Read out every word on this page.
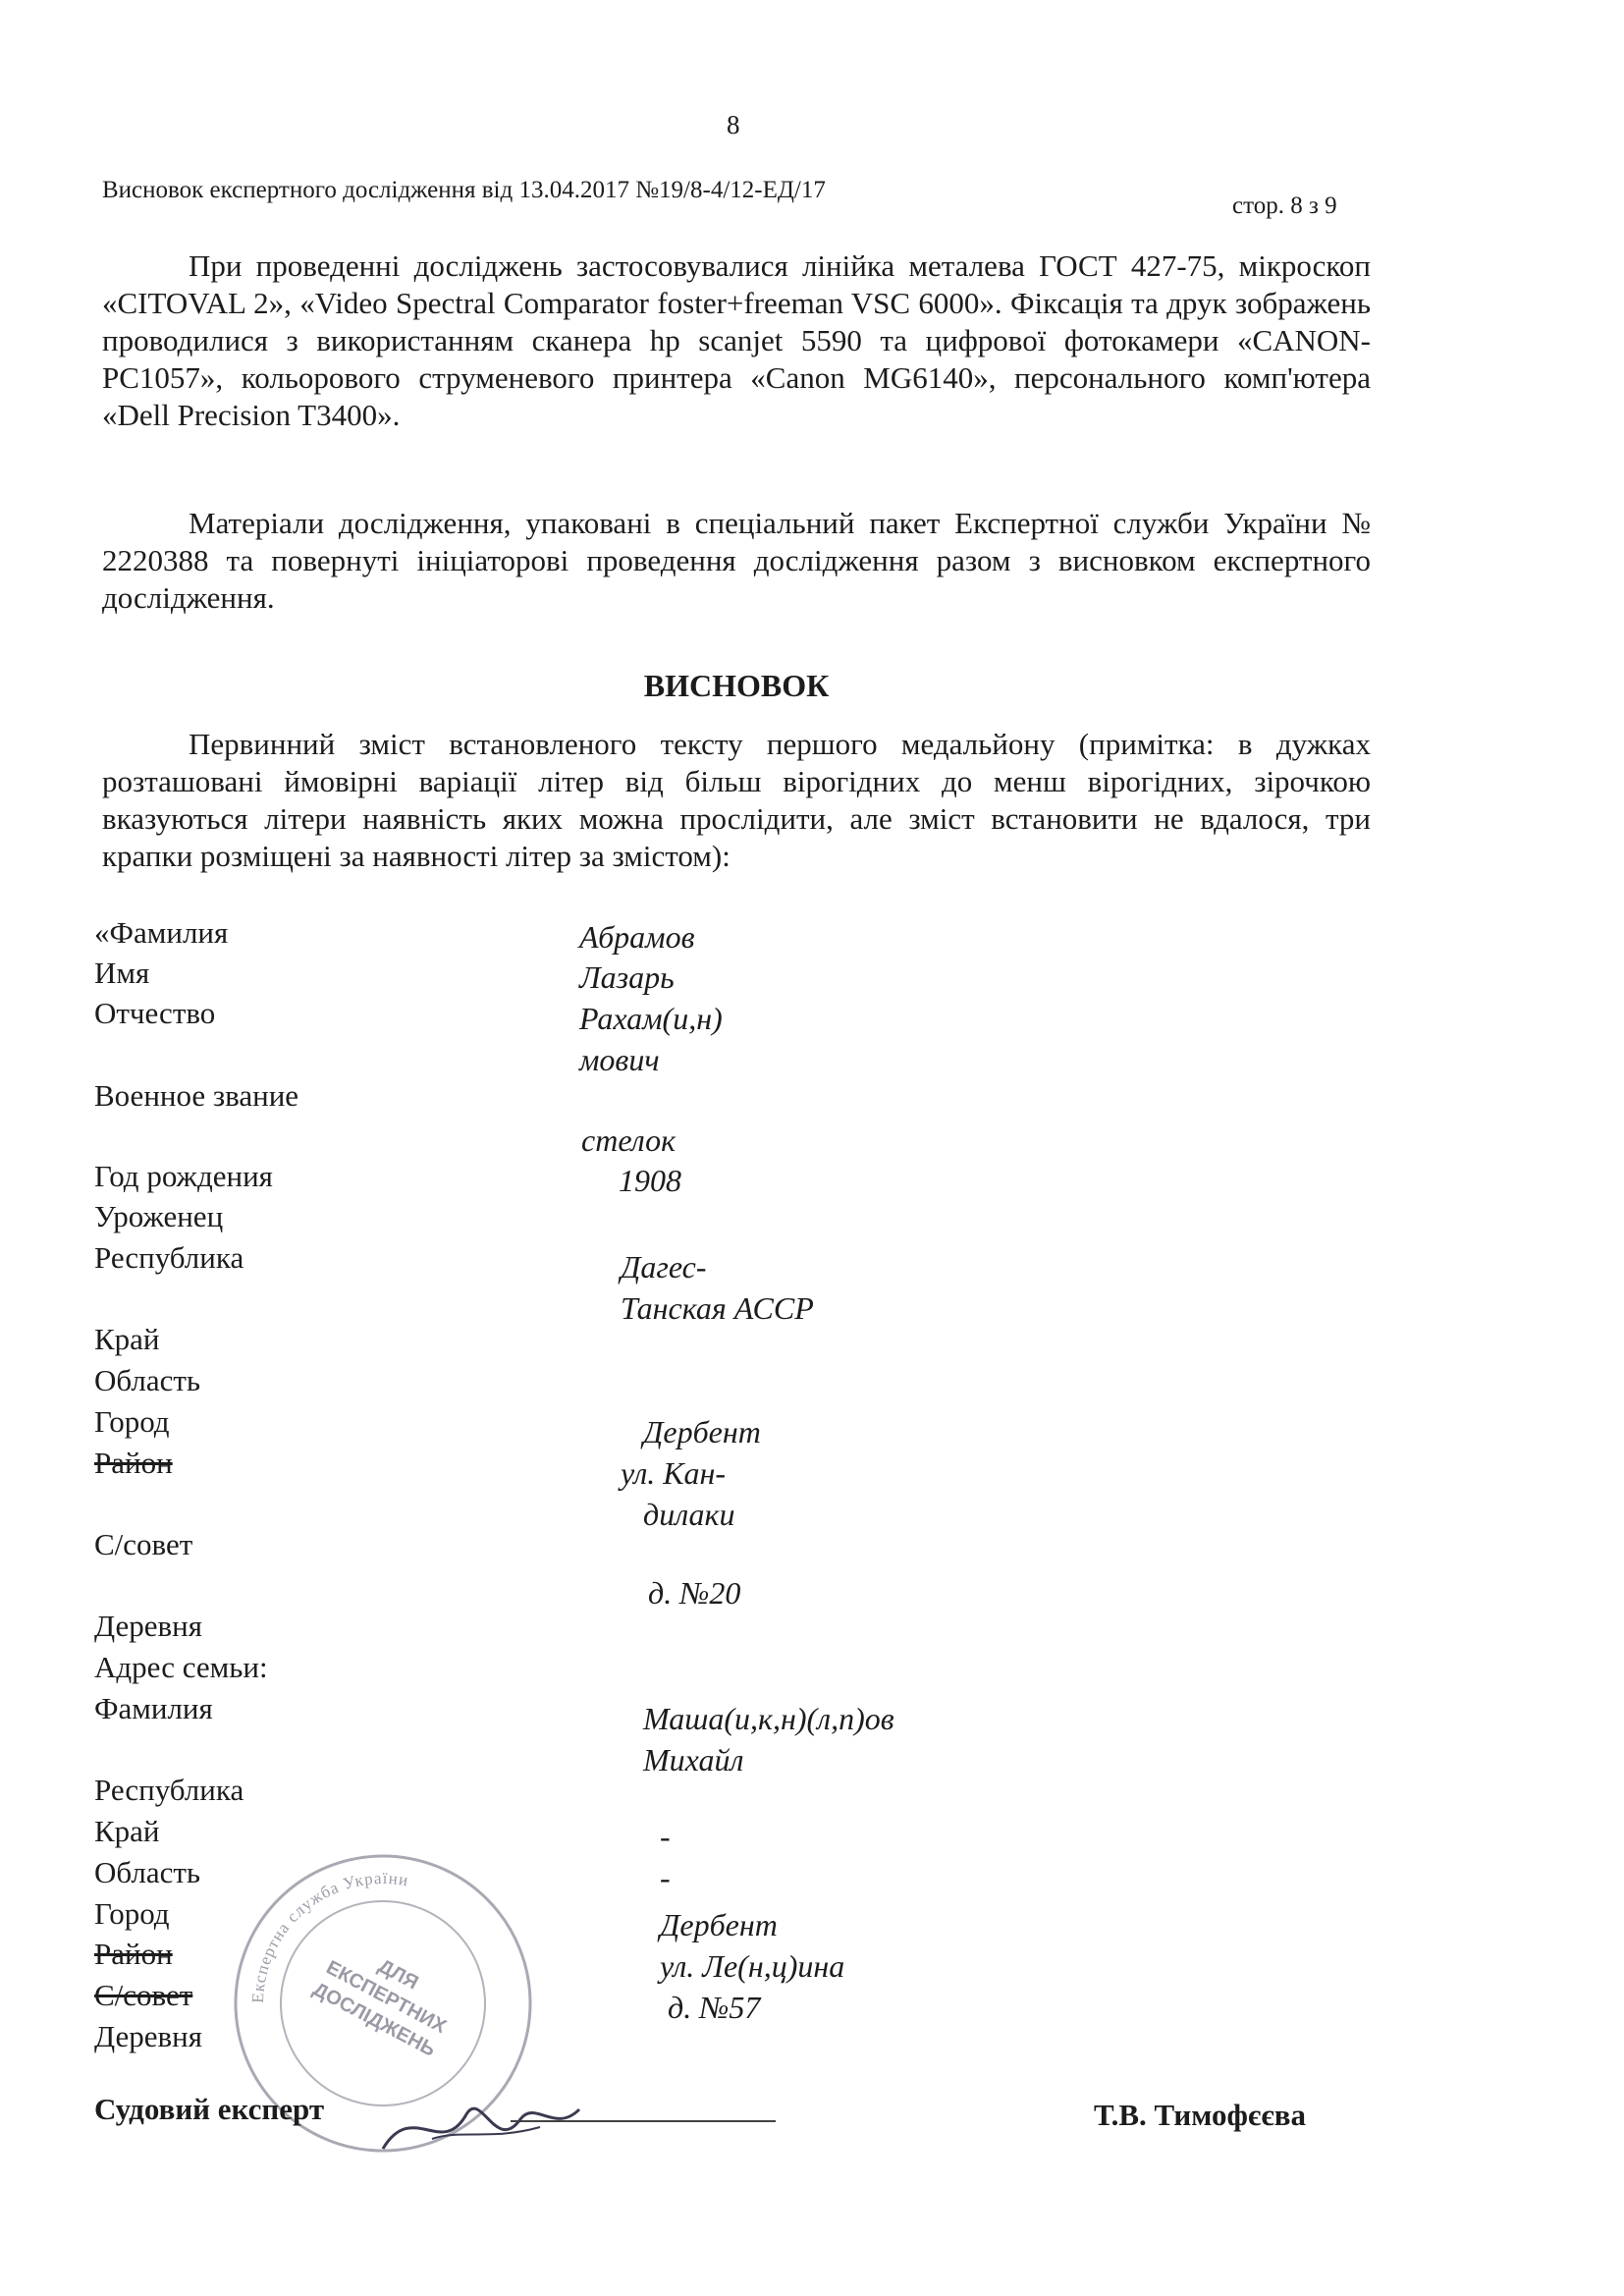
8
Висновок експертного дослідження від 13.04.2017 №19/8-4/12-ЕД/17
стор. 8 з 9

При проведенні досліджень застосовувалися лінійка металева ГОСТ 427-75, мікроскоп «CITOVAL 2», «Video Spectral Comparator foster+freeman VSC 6000». Фіксація та друк зображень проводилися з використанням сканера hp scanjet 5590 та цифрової фотокамери «CANON-PC1057», кольорового струменевого принтера «Canon MG6140», персонального комп'ютера «Dell Precision T3400».

Матеріали дослідження, упаковані в спеціальний пакет Експертної служби України № 2220388 та повернуті ініціаторові проведення дослідження разом з висновком експертного дослідження.

ВИСНОВОК

Первинний зміст встановленого тексту першого медальйону (примітка: в дужках розташовані ймовірні варіації літер від більш вірогідних до менш вірогідних, зірочкою вказуються літери наявність яких можна прослідити, але зміст встановити не вдалося, три крапки розміщені за наявності літер за змістом):

«Фамилия
Имя
Отчество
Военное звание
Год рождения
Уроженец
Республика
Край
Область
Город
Район
С/совет
Деревня
Адрес семьи:
Фамилия
Республика
Край
Область
Город
Район
С/совет
Деревня
Абрамов
Лазарь
Рахам(и,н)
мович
стелок
1908
Дагес-
Танская АССР
Дербент
ул. Кан-
дилаки
д. №20
Маша(и,к,н)(л,п)ов
Михайл
-
-
Дербент
ул. Ле(н,ц)ина
д. №57
Експертна служба України
ДЛЯ ЕКСПЕРТНИХ ДОСЛІДЖЕНЬ
Судовий експерт	Т.В. Тимофєєва
